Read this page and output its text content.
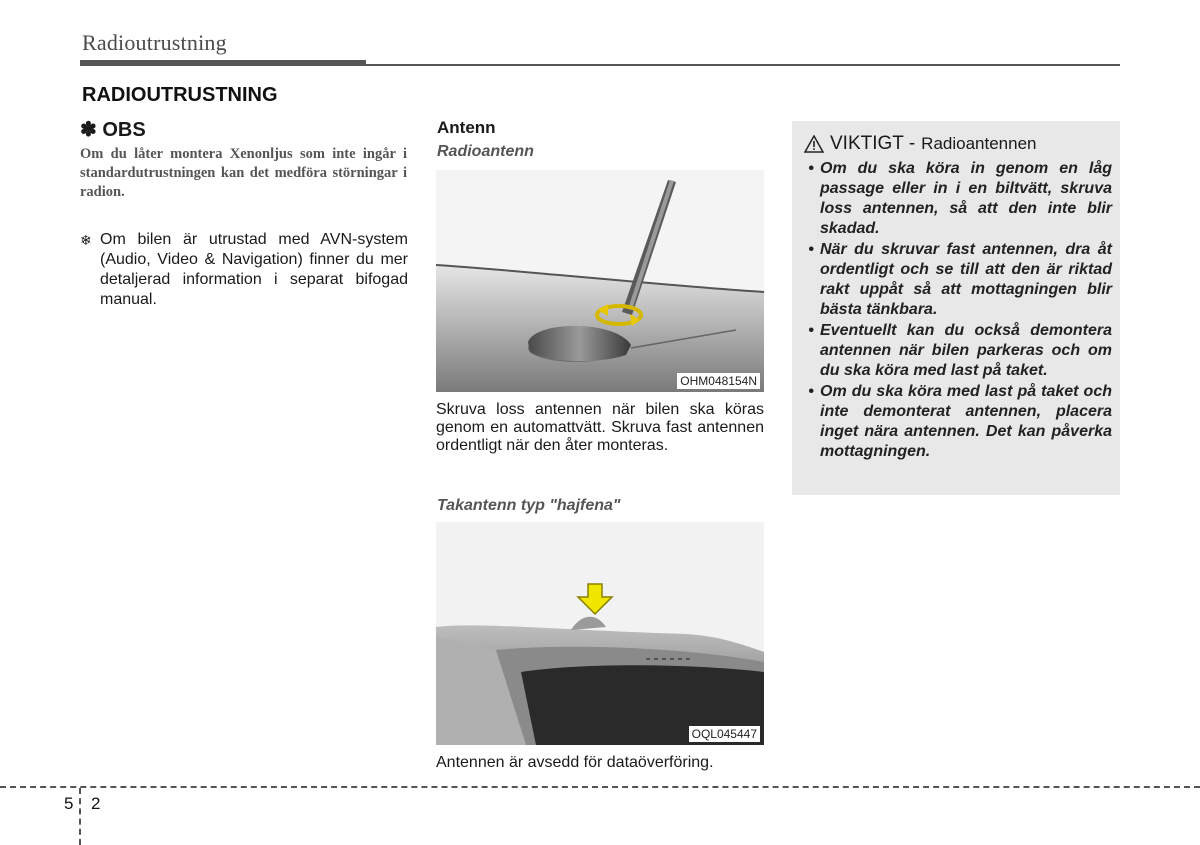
Radioutrustning
RADIOUTRUSTNING
✽ OBS
Om du låter montera Xenonljus som inte ingår i standardutrustningen kan det medföra störningar i radion.
❄ Om bilen är utrustad med AVN-system (Audio, Video & Navigation) finner du mer detaljerad information i separat bifogad manual.
Antenn
Radioantenn
OHM048154N
Skruva loss antennen när bilen ska köras genom en automattvätt. Skruva fast antennen ordentligt när den åter monteras.
Takantenn typ "hajfena"
OQL045447
Antennen är avsedd för dataöverföring.
VIKTIGT - Radioantennen
• Om du ska köra in genom en låg passage eller in i en biltvätt, skruva loss antennen, så att den inte blir skadad.
• När du skruvar fast antennen, dra åt ordentligt och se till att den är riktad rakt uppåt så att mottagningen blir bästa tänkbara.
• Eventuellt kan du också demontera antennen när bilen parkeras och om du ska köra med last på taket.
• Om du ska köra med last på taket och inte demonterat antennen, placera inget nära antennen. Det kan påverka mottagningen.
5 2
